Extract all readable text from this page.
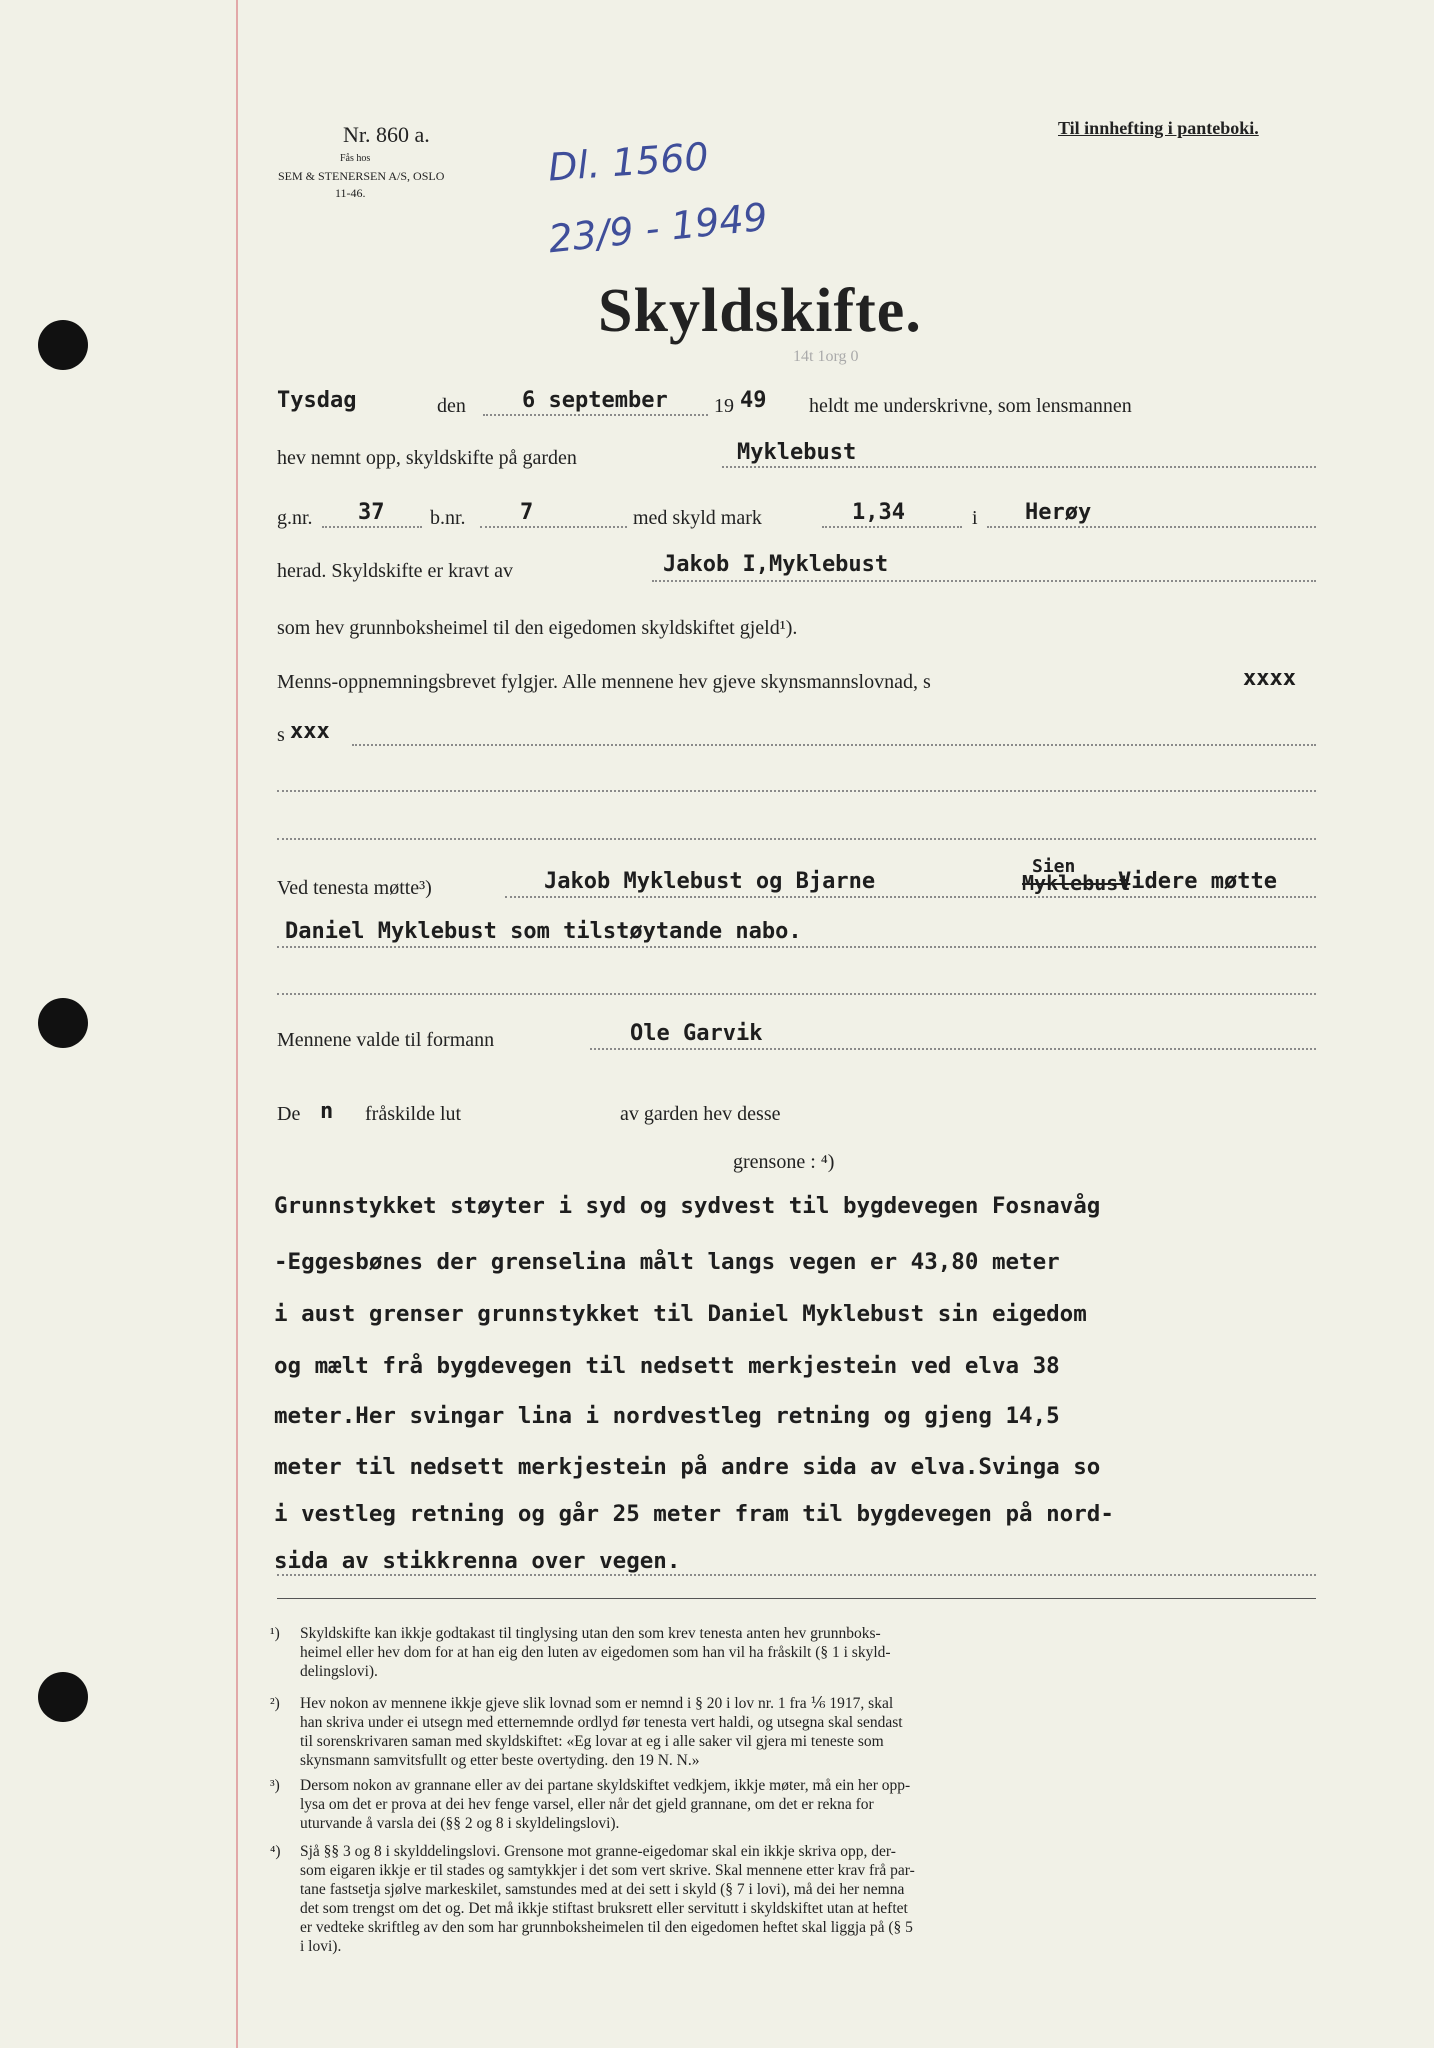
Nr. 860 a.
Fås hos
SEM & STENERSEN A/S, OSLO
11-46.
Til innhefting i panteboki.
Dl. 1560
23/9 - 1949
Skyldskifte.
14t 1org 0
Tysdag	den	6 september 19 49 heldt me underskrivne, som lensmannen
hev nemnt opp, skyldskifte på garden	Myklebust
g.nr. 37 b.nr. 7	med skyld mark	1,34	i Herøy
herad. Skyldskifte er kravt av	Jakob I,Myklebust
som hev grunnboksheimel til den eigedomen skyldskiftet gjeld¹).
Menns-oppnemningsbrevet fylgjer. Alle mennene hev gjeve skynsmannslovnad, s	xxxx
s xxx
Ved tenesta møtte³)	Jakob Myklebust og Bjarne
Sien
Myklebust
Videre møtte
Daniel Myklebust som tilstøytande nabo.
Mennene valde til formann	Ole Garvik
De n fråskilde lut	av garden hev desse
grensone : ⁴)
Grunnstykket støyter i syd og sydvest til bygdevegen Fosnavåg
-Eggesbønes der grenselina målt langs vegen er 43,80 meter
i aust grenser grunnstykket til Daniel Myklebust sin eigedom
og mælt frå bygdevegen til nedsett merkjestein ved elva 38
meter.Her svingar lina i nordvestleg retning og gjeng 14,5
meter til nedsett merkjestein på andre sida av elva.Svinga so
i vestleg retning og går 25 meter fram til bygdevegen på nord-
sida av stikkrenna over vegen.
¹) Skyldskifte kan ikkje godtakast til tinglysing utan den som krev tenesta anten hev grunnboks-
heimel eller hev dom for at han eig den luten av eigedomen som han vil ha fråskilt (§ 1 i skyld-
delingslovi).
²) Hev nokon av mennene ikkje gjeve slik lovnad som er nemnd i § 20 i lov nr. 1 fra ⅙ 1917, skal
han skriva under ei utsegn med etternemnde ordlyd før tenesta vert haldi, og utsegna skal sendast
til sorenskrivaren saman med skyldskiftet: «Eg lovar at eg i alle saker vil gjera mi teneste som
skynsmann samvitsfullt og etter beste overtyding. den 19 N. N.»
³) Dersom nokon av grannane eller av dei partane skyldskiftet vedkjem, ikkje møter, må ein her opp-
lysa om det er prova at dei hev fenge varsel, eller når det gjeld grannane, om det er rekna for
uturvande å varsla dei (§§ 2 og 8 i skyldelingslovi).
⁴) Sjå §§ 3 og 8 i skylddelingslovi. Grensone mot granne-eigedomar skal ein ikkje skriva opp, der-
som eigaren ikkje er til stades og samtykkjer i det som vert skrive. Skal mennene etter krav frå par-
tane fastsetja sjølve markeskilet, samstundes med at dei sett i skyld (§ 7 i lovi), må dei her nemna
det som trengst om det og. Det må ikkje stiftast bruksrett eller servitutt i skyldskiftet utan at heftet
er vedteke skriftleg av den som har grunnboksheimelen til den eigedomen heftet skal liggja på (§ 5
i lovi).
